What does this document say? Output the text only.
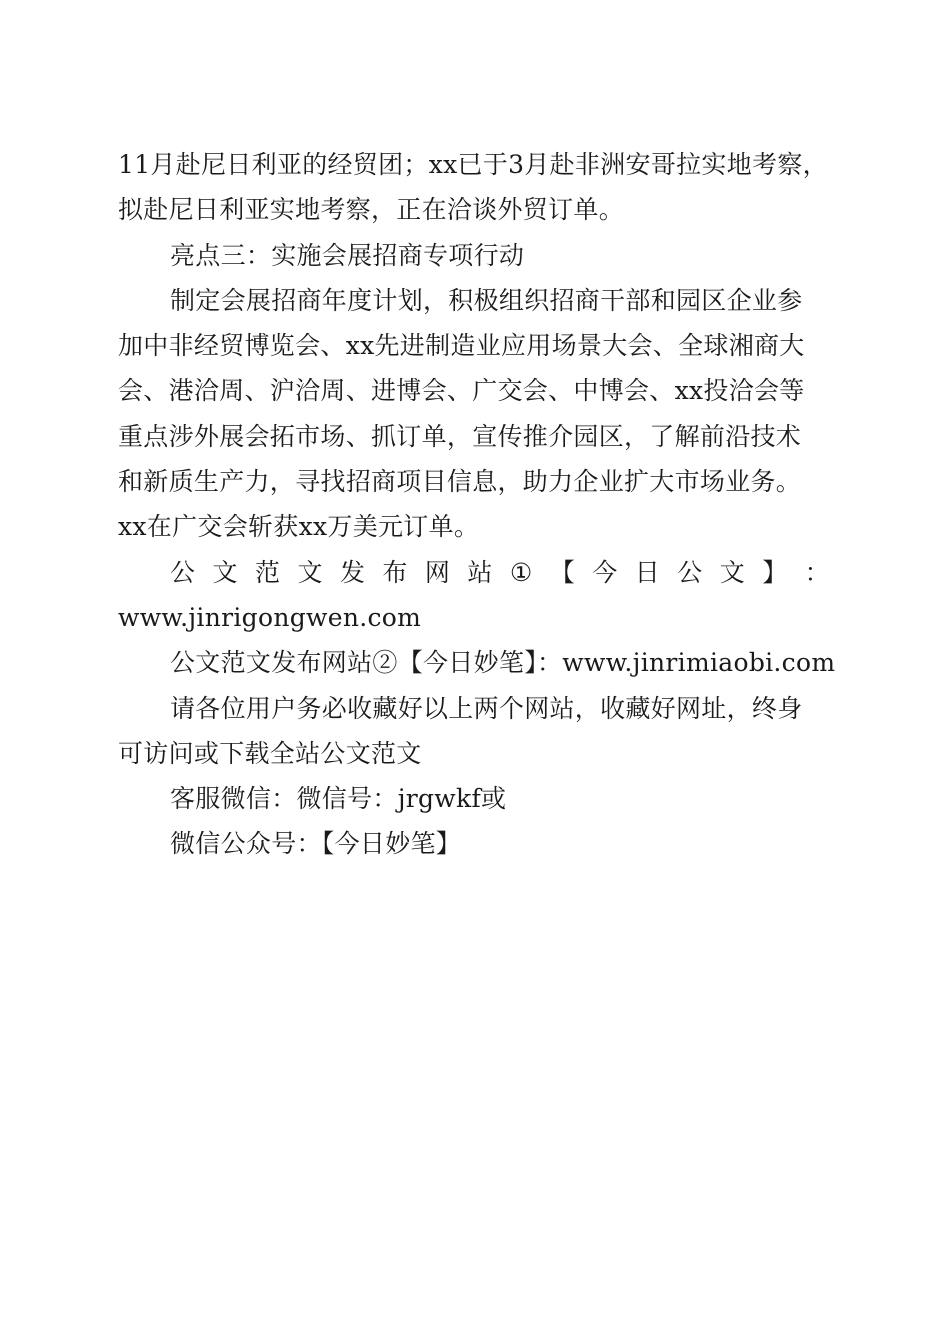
11月赴尼日利亚的经贸团；xx已于3月赴非洲安哥拉实地考察，
拟赴尼日利亚实地考察，正在洽谈外贸订单。
亮点三：实施会展招商专项行动
制定会展招商年度计划，积极组织招商干部和园区企业参
加中非经贸博览会、xx先进制造业应用场景大会、全球湘商大
会、港洽周、沪洽周、进博会、广交会、中博会、xx投洽会等
重点涉外展会拓市场、抓订单，宣传推介园区，了解前沿技术
和新质生产力，寻找招商项目信息，助力企业扩大市场业务。
xx在广交会斩获xx万美元订单。
公 文 范 文 发 布 网 站 ① 【 今 日 公 文 】 ：
www.jinrigongwen.com
公文范文发布网站②【今日妙笔】：www.jinrimiaobi.com
请各位用户务必收藏好以上两个网站，收藏好网址，终身
可访问或下载全站公文范文
客服微信：微信号：jrgwkf或
微信公众号：【今日妙笔】
